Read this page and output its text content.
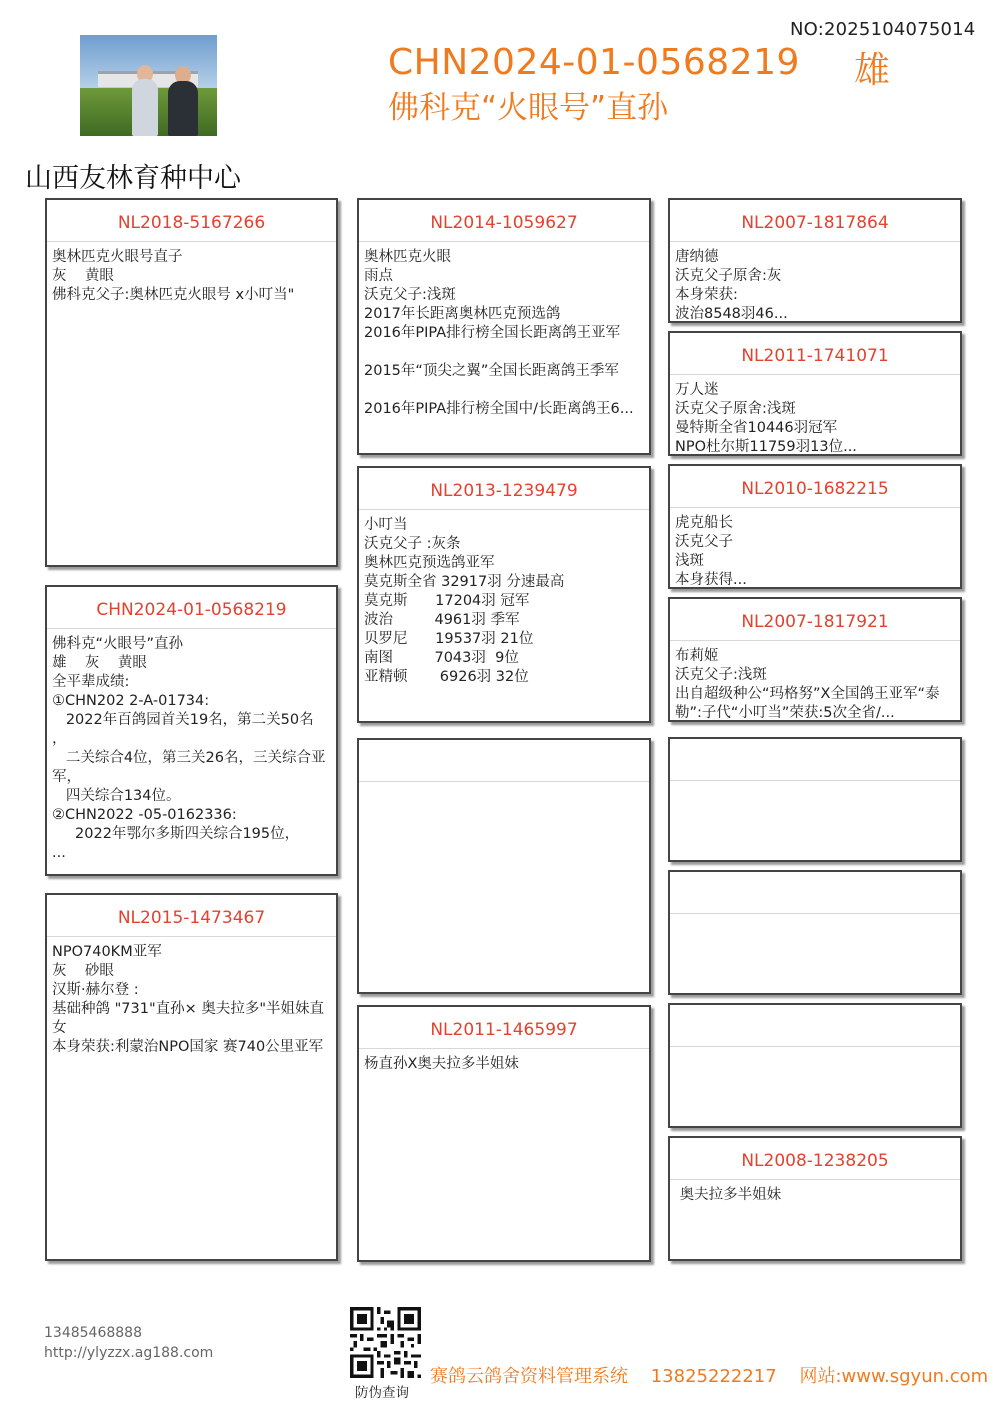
NO:2025104075014
CHN2024-01-0568219 雄
佛科克“火眼号”直孙
山西友林育种中心
NL2018-5167266
奥林匹克火眼号直子
灰    黄眼
佛科克父子:奥林匹克火眼号 x小叮当"
CHN2024-01-0568219
佛科克“火眼号”直孙
雄    灰    黄眼
全平辈成绩:
①CHN202 2-A-01734:
2022年百鸽园首关19名，第二关50名
，
二关综合4位，第三关26名，三关综合亚军，
四关综合134位。
②CHN2022 -05-0162336:
2022年鄂尔多斯四关综合195位，
...
NL2015-1473467
NPO740KM亚军
灰    砂眼
汉斯·赫尔登 :
基础种鸽 "731"直孙× 奥夫拉多"半姐妹直女
本身荣获:利蒙治NPO国家 赛740公里亚军
NL2014-1059627
奥林匹克火眼
雨点
沃克父子:浅斑
2017年长距离奥林匹克预选鸽
2016年PIPA排行榜全国长距离鸽王亚军

2015年“顶尖之翼”全国长距离鸽王季军

2016年PIPA排行榜全国中/长距离鸽王6...
NL2013-1239479
小叮当
沃克父子 :灰条
奥林匹克预选鸽亚军
莫克斯全省 32917羽 分速最高
莫克斯      17204羽 冠军
波治         4961羽 季军
贝罗尼      19537羽 21位
南图         7043羽  9位
亚精顿       6926羽 32位
NL2011-1465997
杨直孙X奥夫拉多半姐妹
NL2007-1817864
唐纳德
沃克父子原舍:灰
本身荣获:
波治8548羽46...
NL2011-1741071
万人迷
沃克父子原舍:浅斑
曼特斯全省10446羽冠军
NPO杜尔斯11759羽13位...
NL2010-1682215
虎克船长
沃克父子
浅斑
本身获得...
NL2007-1817921
布莉姬
沃克父子:浅斑
出自超级种公“玛格努”X全国鸽王亚军“泰勒”:子代“小叮当”荣获:5次全省/...
NL2008-1238205
奥夫拉多半姐妹
13485468888
http://ylyzzx.ag188.com
防伪查询
赛鸽云鸽舍资料管理系统 13825222217 网站:www.sgyun.com
